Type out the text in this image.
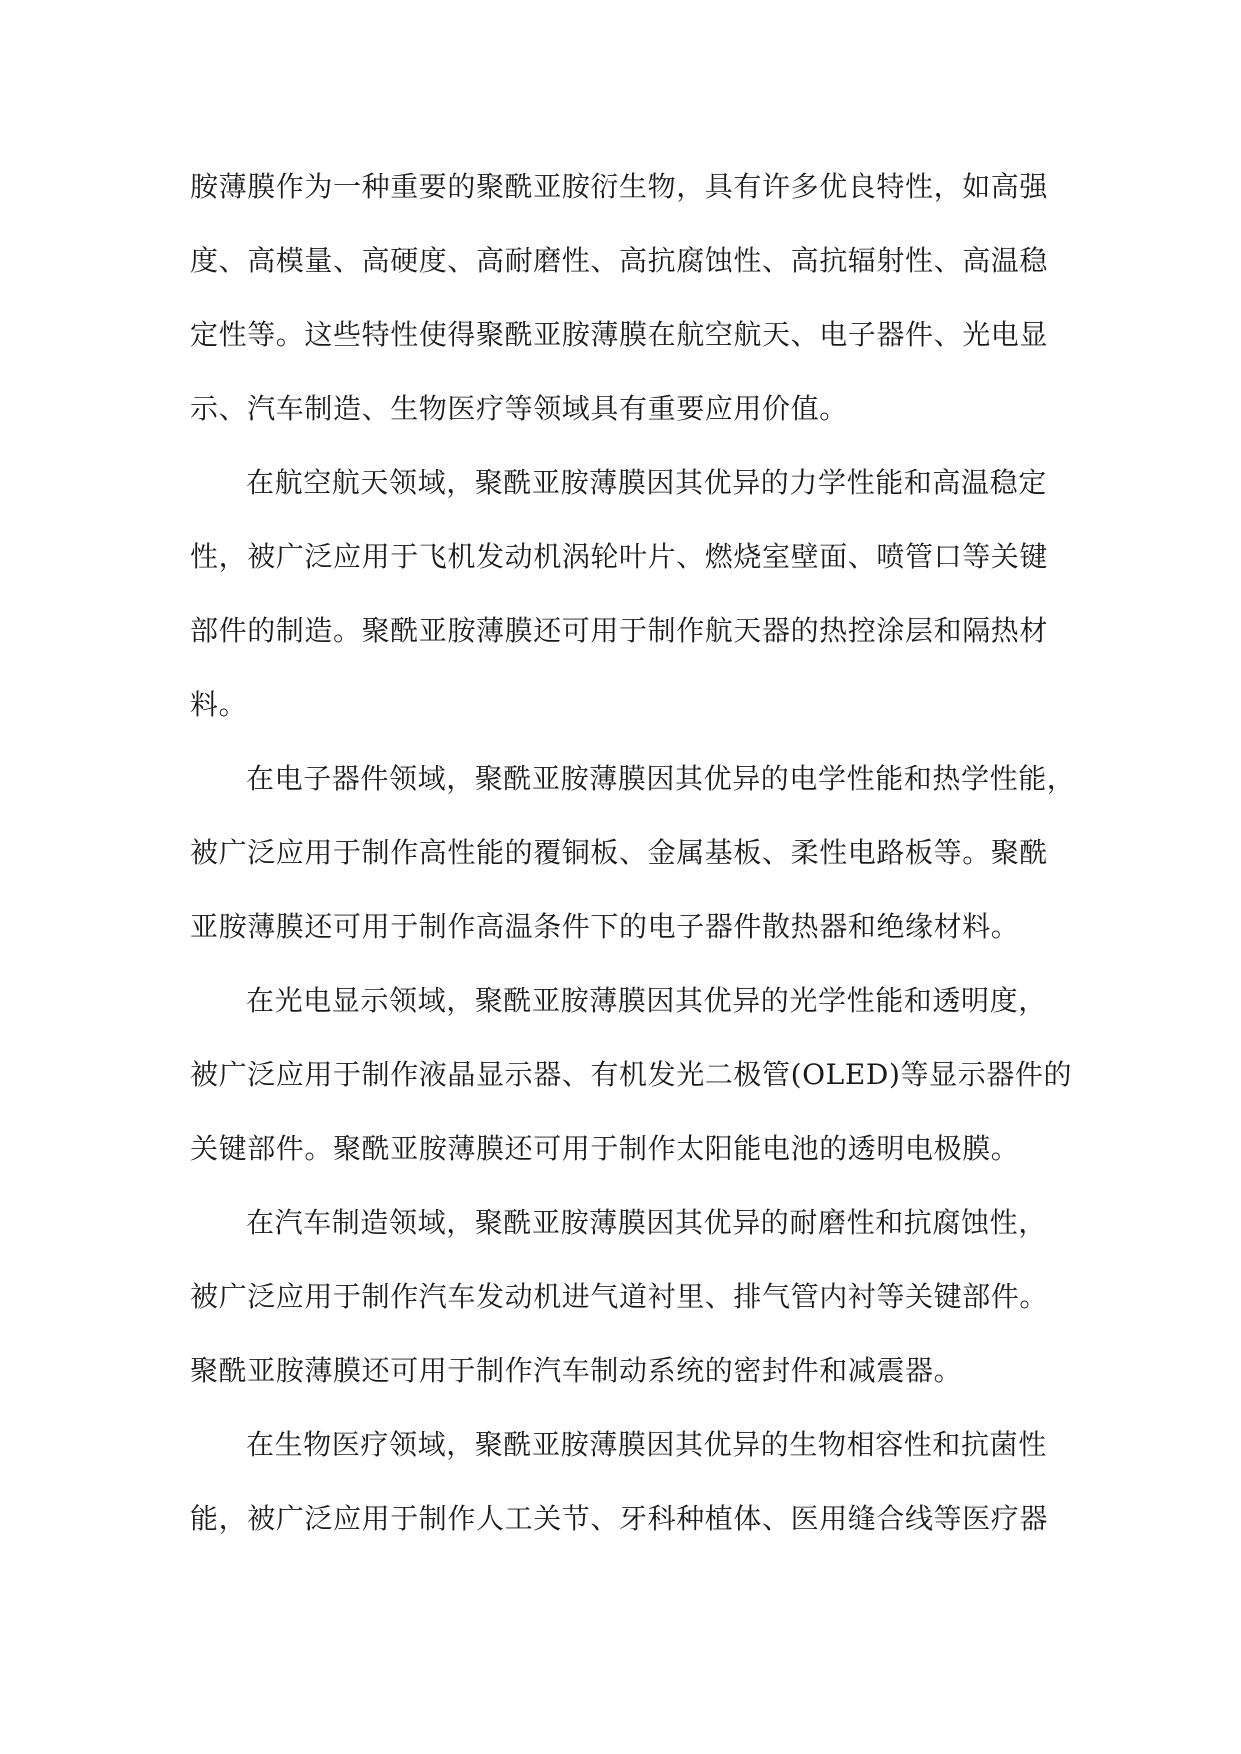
胺薄膜作为一种重要的聚酰亚胺衍生物，具有许多优良特性，如高强
度、高模量、高硬度、高耐磨性、高抗腐蚀性、高抗辐射性、高温稳
定性等。这些特性使得聚酰亚胺薄膜在航空航天、电子器件、光电显
示、汽车制造、生物医疗等领域具有重要应用价值。
在航空航天领域，聚酰亚胺薄膜因其优异的力学性能和高温稳定
性，被广泛应用于飞机发动机涡轮叶片、燃烧室壁面、喷管口等关键
部件的制造。聚酰亚胺薄膜还可用于制作航天器的热控涂层和隔热材
料。
在电子器件领域，聚酰亚胺薄膜因其优异的电学性能和热学性能，
被广泛应用于制作高性能的覆铜板、金属基板、柔性电路板等。聚酰
亚胺薄膜还可用于制作高温条件下的电子器件散热器和绝缘材料。
在光电显示领域，聚酰亚胺薄膜因其优异的光学性能和透明度，
被广泛应用于制作液晶显示器、有机发光二极管(OLED)等显示器件的
关键部件。聚酰亚胺薄膜还可用于制作太阳能电池的透明电极膜。
在汽车制造领域，聚酰亚胺薄膜因其优异的耐磨性和抗腐蚀性，
被广泛应用于制作汽车发动机进气道衬里、排气管内衬等关键部件。
聚酰亚胺薄膜还可用于制作汽车制动系统的密封件和减震器。
在生物医疗领域，聚酰亚胺薄膜因其优异的生物相容性和抗菌性
能，被广泛应用于制作人工关节、牙科种植体、医用缝合线等医疗器
